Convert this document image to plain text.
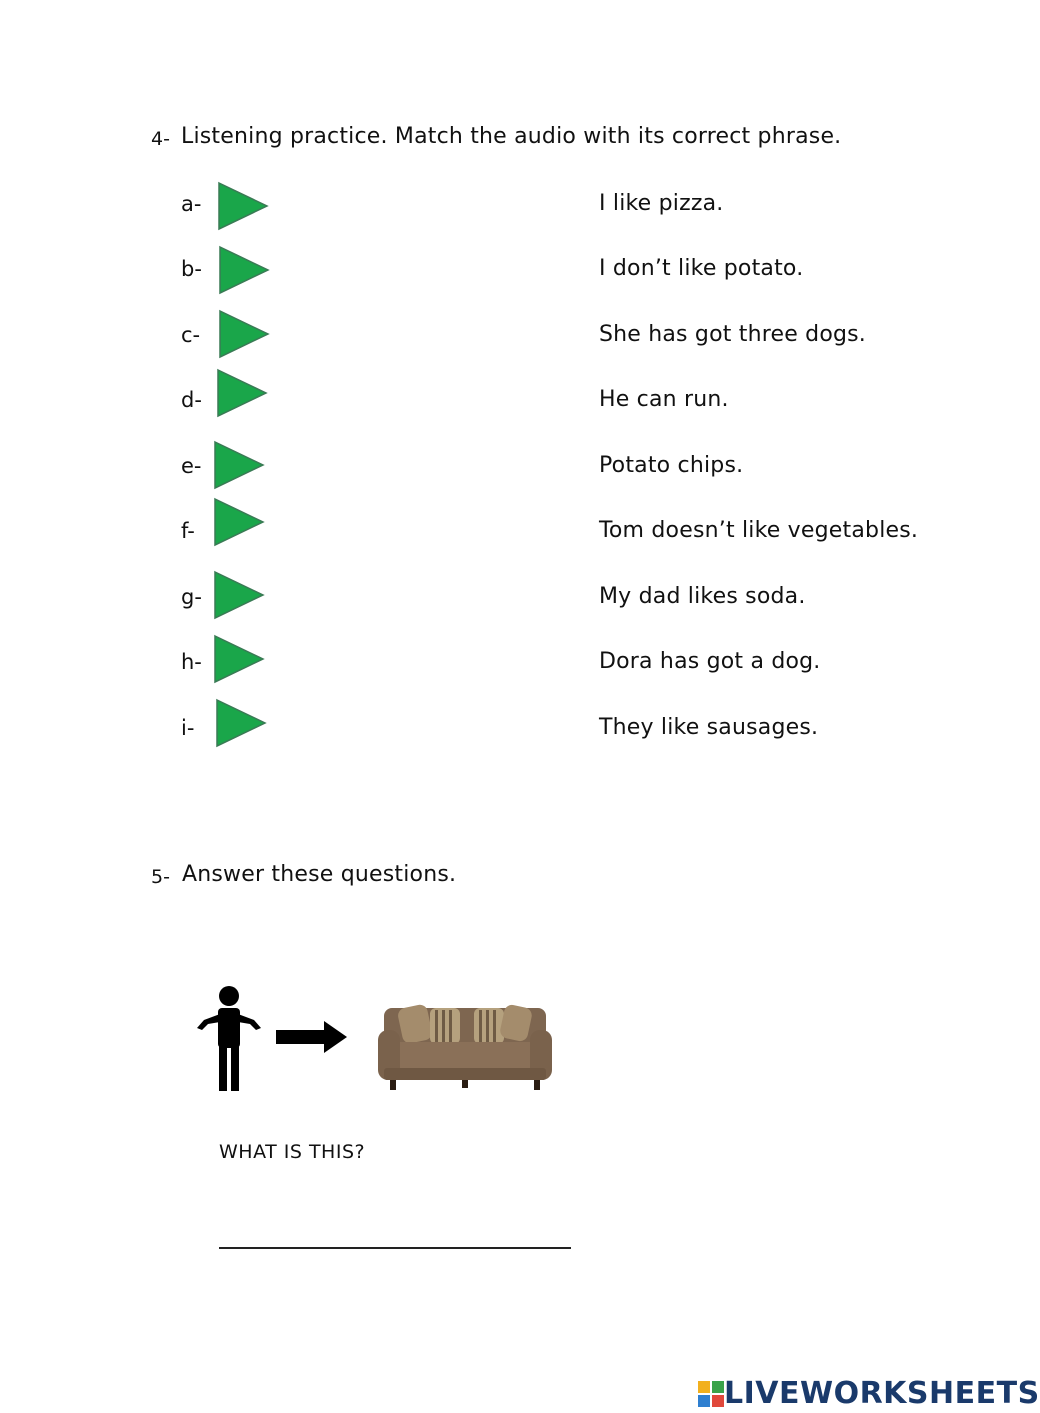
4- Listening practice. Match the audio with its correct phrase.
a-	I like pizza.
b-	I don’t like potato.
c-	She has got three dogs.
d-	He can run.
e-	Potato chips.
f-	Tom doesn’t like vegetables.
g-	My dad likes soda.
h-	Dora has got a dog.
i-	They like sausages.
5- Answer these questions.
WHAT IS THIS?
LIVEWORKSHEETS
